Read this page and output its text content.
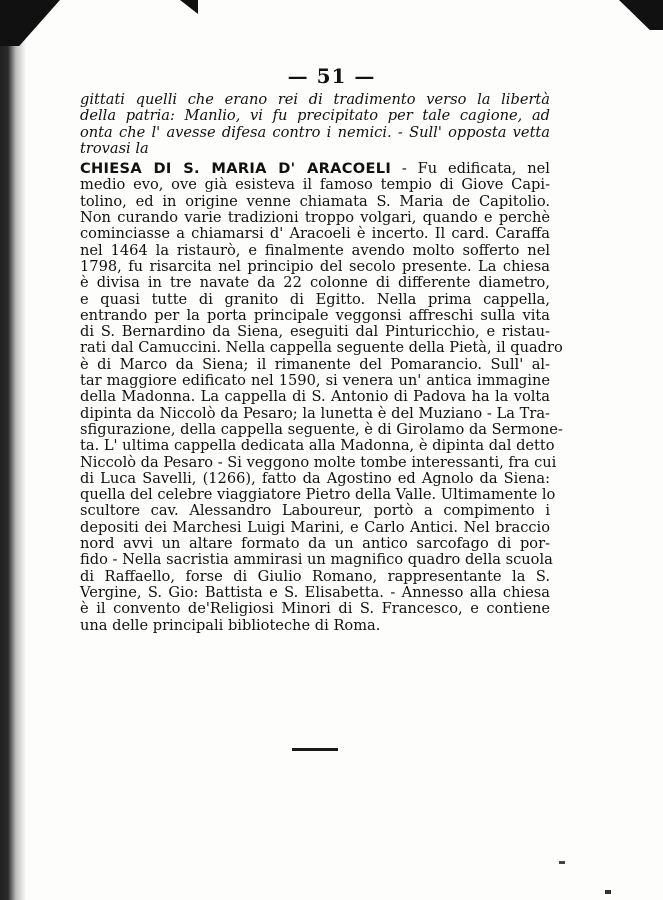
— 51 —
gittati quelli che erano rei di tradimento verso la libertà
della patria: Manlio, vi fu precipitato per tale cagione, ad
onta che l' avesse difesa contro i nemici. - Sull' opposta vetta
trovasi la
CHIESA DI S. MARIA D' ARACOELI - Fu edificata, nel
medio evo, ove già esisteva il famoso tempio di Giove Capi-
tolino, ed in origine venne chiamata S. Maria de Capitolio.
Non curando varie tradizioni troppo volgari, quando e perchè
cominciasse a chiamarsi d' Aracoeli è incerto. Il card. Caraffa
nel 1464 la ristaurò, e finalmente avendo molto sofferto nel
1798, fu risarcita nel principio del secolo presente. La chiesa
è divisa in tre navate da 22 colonne di differente diametro,
e quasi tutte di granito di Egitto. Nella prima cappella,
entrando per la porta principale veggonsi affreschi sulla vita
di S. Bernardino da Siena, eseguiti dal Pinturicchio, e ristau-
rati dal Camuccini. Nella cappella seguente della Pietà, il quadro
è di Marco da Siena; il rimanente del Pomarancio. Sull' al-
tar maggiore edificato nel 1590, si venera un' antica immagine
della Madonna. La cappella di S. Antonio di Padova ha la volta
dipinta da Niccolò da Pesaro; la lunetta è del Muziano - La Tra-
sfigurazione, della cappella seguente, è di Girolamo da Sermone-
ta. L' ultima cappella dedicata alla Madonna, è dipinta dal detto
Niccolò da Pesaro - Si veggono molte tombe interessanti, fra cui
di Luca Savelli, (1266), fatto da Agostino ed Agnolo da Siena:
quella del celebre viaggiatore Pietro della Valle. Ultimamente lo
scultore cav. Alessandro Laboureur, portò a compimento i
depositi dei Marchesi Luigi Marini, e Carlo Antici. Nel braccio
nord avvi un altare formato da un antico sarcofago di por-
fido - Nella sacristia ammirasi un magnifico quadro della scuola
di Raffaello, forse di Giulio Romano, rappresentante la S.
Vergine, S. Gio: Battista e S. Elisabetta. - Annesso alla chiesa
è il convento de'Religiosi Minori di S. Francesco, e contiene
una delle principali biblioteche di Roma.
